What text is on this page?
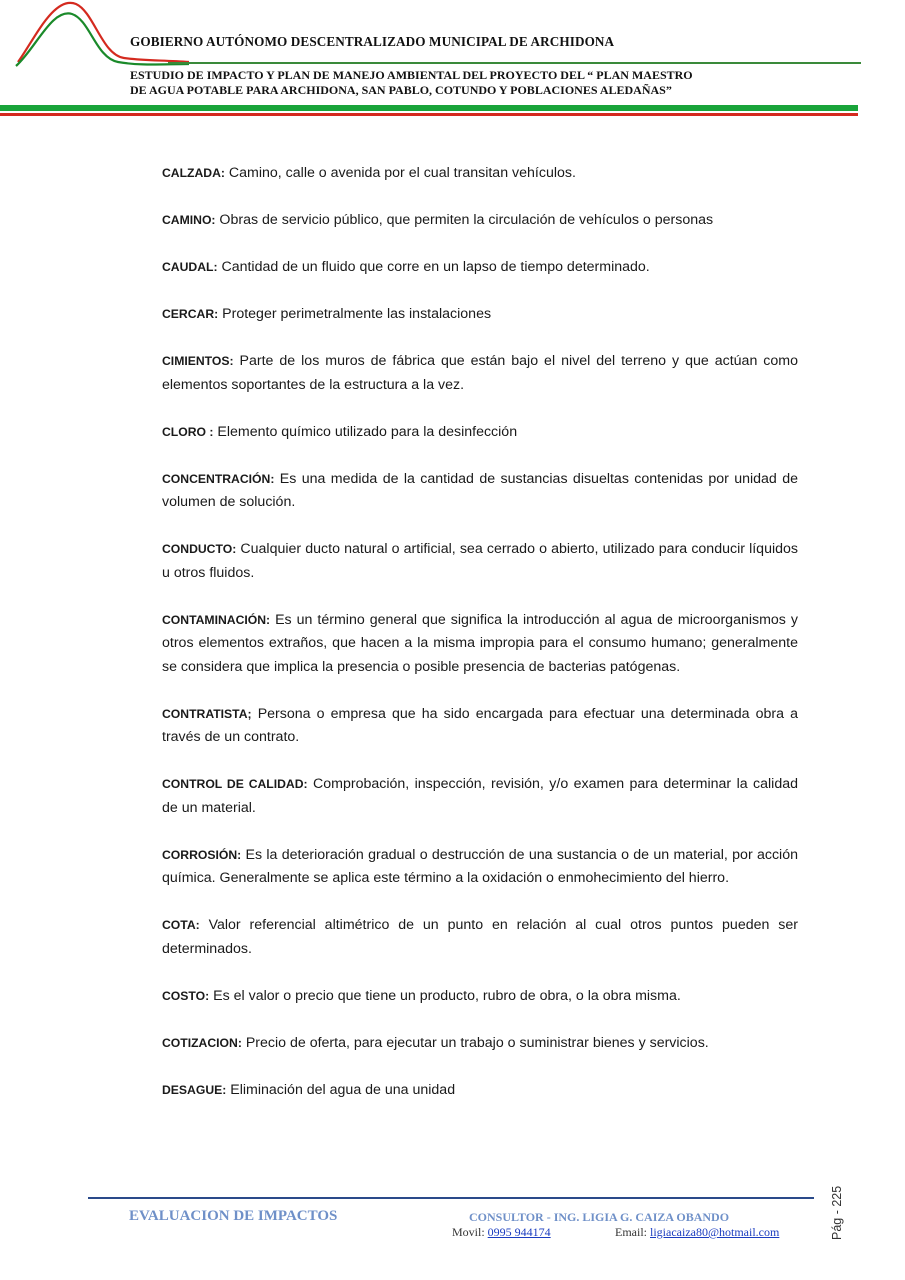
GOBIERNO AUTÓNOMO DESCENTRALIZADO MUNICIPAL DE ARCHIDONA
ESTUDIO DE IMPACTO Y PLAN DE MANEJO AMBIENTAL DEL PROYECTO DEL “ PLAN MAESTRO
DE AGUA POTABLE PARA ARCHIDONA, SAN PABLO, COTUNDO Y POBLACIONES ALEDAÑAS”

CALZADA: Camino, calle o avenida por el cual transitan vehículos.

CAMINO: Obras de servicio público, que permiten la circulación de vehículos o personas

CAUDAL: Cantidad de un fluido que corre en un lapso de tiempo determinado.

CERCAR: Proteger perimetralmente las instalaciones

CIMIENTOS: Parte de los muros de fábrica que están bajo el nivel del terreno y que actúan como elementos soportantes de la estructura a la vez.

CLORO : Elemento químico utilizado para la desinfección

CONCENTRACIÓN: Es una medida de la cantidad de sustancias disueltas contenidas por unidad de volumen de solución.

CONDUCTO: Cualquier ducto natural o artificial, sea cerrado o abierto, utilizado para conducir líquidos u otros fluidos.

CONTAMINACIÓN: Es un término general que significa la introducción al agua de microorganismos y otros elementos extraños, que hacen a la misma impropia para el consumo humano; generalmente se considera que implica la presencia o posible presencia de bacterias patógenas.

CONTRATISTA; Persona o empresa que ha sido encargada para efectuar una determinada obra a través de un contrato.

CONTROL DE CALIDAD: Comprobación, inspección, revisión, y/o examen para determinar la calidad de un material.

CORROSIÓN: Es la deterioración gradual o destrucción de una sustancia o de un material, por acción química. Generalmente se aplica este término a la oxidación o enmohecimiento del hierro.

COTA: Valor referencial altimétrico de un punto en relación al cual otros puntos pueden ser determinados.

COSTO: Es el valor o precio que tiene un producto, rubro de obra, o la obra misma.

COTIZACION: Precio de oferta, para ejecutar un trabajo o suministrar bienes y servicios.

DESAGUE: Eliminación del agua de una unidad

EVALUACION DE IMPACTOS	CONSULTOR - ING. LIGIA G. CAIZA OBANDO
Movil: 0995 944174	Email: ligiacaiza80@hotmail.com	Pág - 225
